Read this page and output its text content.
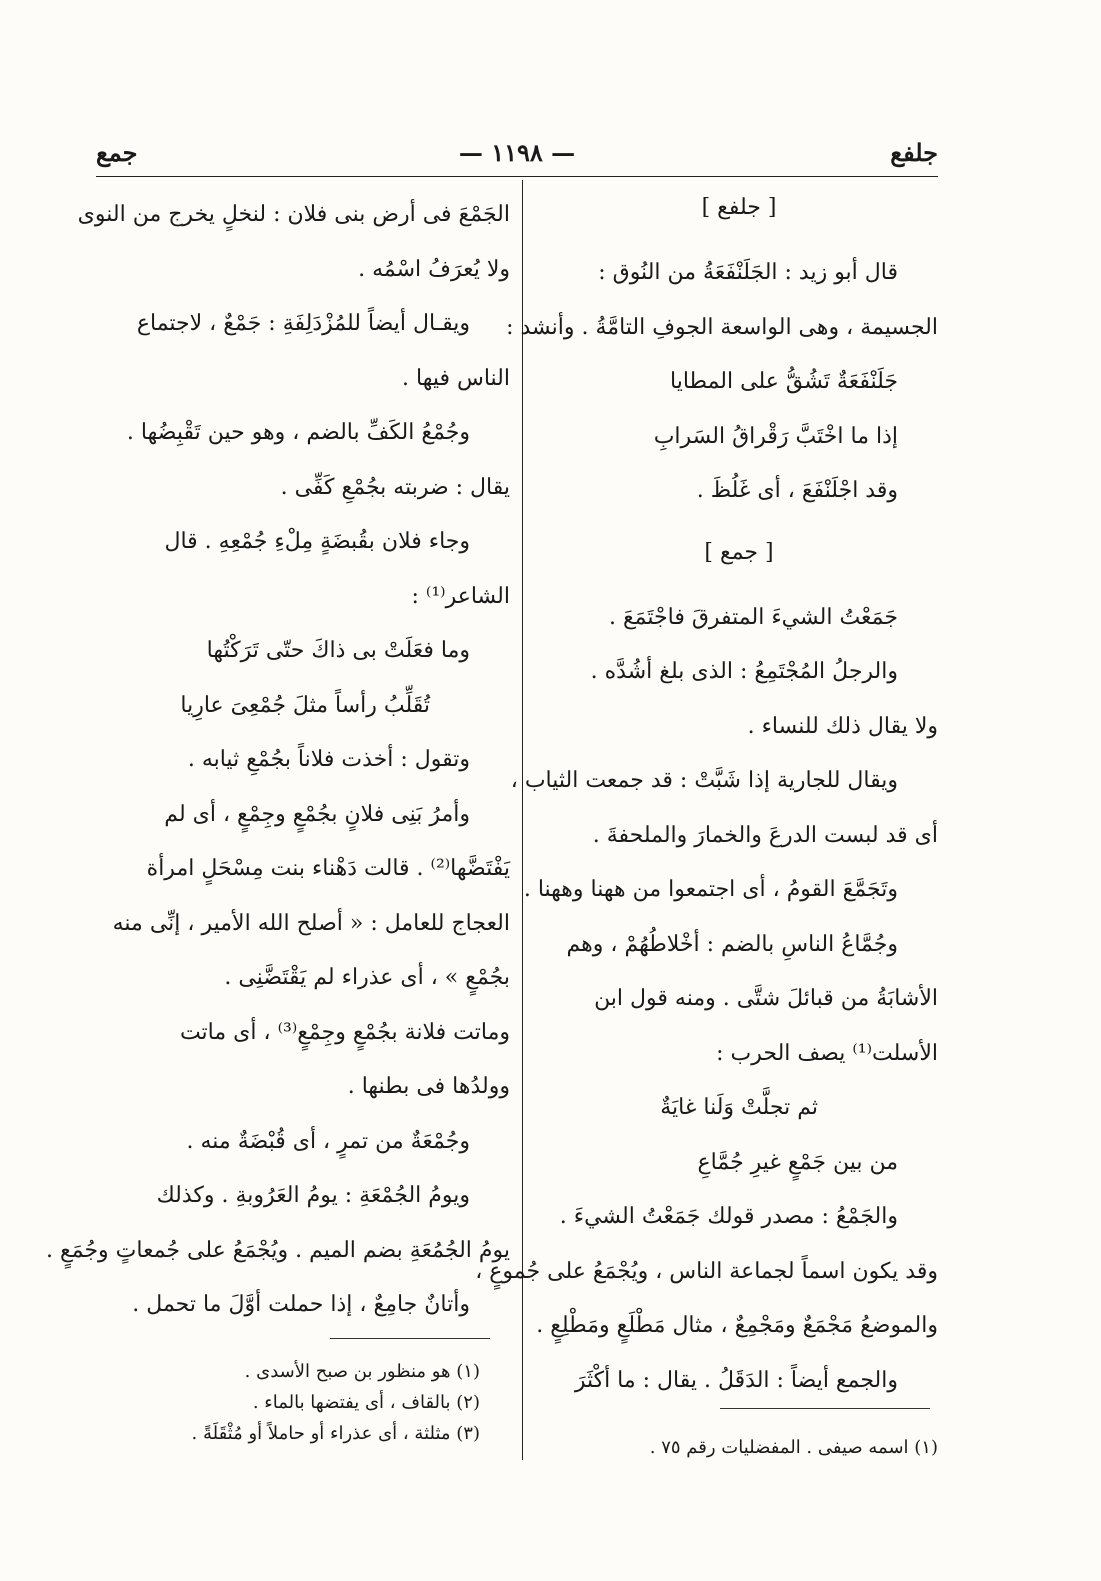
جلفع
— ١١٩٨ —
جمع
[ جلفع ]
قال أبو زيد : الجَلَنْفَعَةُ من النُوق :
الجسيمة ، وهى الواسعة الجوفِ التامَّةُ . وأنشد :
جَلَنْفَعَةٌ تَشُقُّ على المطايا
إذا ما اخْتَبَّ رَقْراقُ السَرابِ
وقد اجْلَنْفَعَ ، أى غَلُظَ .
[ جمع ]
جَمَعْتُ الشيءَ المتفرقَ فاجْتَمَعَ .
والرجلُ المُجْتَمِعُ : الذى بلغ أشُدَّه .
ولا يقال ذلك للنساء .
ويقال للجارية إذا شَبَّتْ : قد جمعت الثياب ،
أى قد لبست الدرعَ والخمارَ والملحفةَ .
وتَجَمَّعَ القومُ ، أى اجتمعوا من ههنا وههنا .
وجُمَّاعُ الناسِ بالضم : أخْلاطُهُمْ ، وهم
الأشابَةُ من قبائلَ شتَّى . ومنه قول ابن
الأسلت⁽¹⁾ يصف الحرب :
ثم تجلَّتْ وَلَنا غايَةٌ
من بين جَمْعٍ غيرِ جُمَّاعِ
والجَمْعُ : مصدر قولك جَمَعْتُ الشيءَ .
وقد يكون اسماً لجماعة الناس ، ويُجْمَعُ على جُموعٍ ،
والموضعُ مَجْمَعٌ ومَجْمِعٌ ، مثال مَطْلَعٍ ومَطْلِعٍ .
والجمع أيضاً : الدَقَلُ . يقال : ما أكْثَرَ
(١) اسمه صيفى . المفضليات رقم ٧٥ .
الجَمْعَ فى أرض بنى فلان : لنخلٍ يخرج من النوى
ولا يُعرَفُ اسْمُه .
ويقـال أيضاً للمُزْدَلِفَةِ : جَمْعٌ ، لاجتماع
الناس فيها .
وجُمْعُ الكَفِّ بالضم ، وهو حين تَقْبِضُها .
يقال : ضربته بجُمْعِ كَفِّى .
وجاء فلان بقُبضَةٍ مِلْءِ جُمْعِهِ . قال
الشاعر⁽¹⁾ :
وما فعَلَتْ بى ذاكَ حتّى تَرَكْتُها
تُقَلِّبُ رأساً مثلَ جُمْعِىَ عارِيا
وتقول : أخذت فلاناً بجُمْعِ ثيابه .
وأمرُ بَنِى فلانٍ بجُمْعٍ وجِمْعٍ ، أى لم
يَفْتَضَّها⁽²⁾ . قالت دَهْناء بنت مِسْحَلٍ امرأة
العجاج للعامل : « أصلح الله الأمير ، إنِّى منه
بجُمْعٍ » ، أى عذراء لم يَقْتَضَّنِى .
وماتت فلانة بجُمْعٍ وجِمْعٍ⁽³⁾ ، أى ماتت
وولدُها فى بطنها .
وجُمْعَةٌ من تمرٍ ، أى قُبْضَةٌ منه .
ويومُ الجُمْعَةِ : يومُ العَرُوبةِ . وكذلك
يومُ الجُمُعَةِ بضم الميم . ويُجْمَعُ على جُمعاتٍ وجُمَعٍ .
وأتانٌ جامِعٌ ، إذا حملت أوَّلَ ما تحمل .
(١) هو منظور بن صبح الأسدى .
(٢) بالقاف ، أى يفتضها بالماء .
(٣) مثلثة ، أى عذراء أو حاملاً أو مُثْقَلَةً .
